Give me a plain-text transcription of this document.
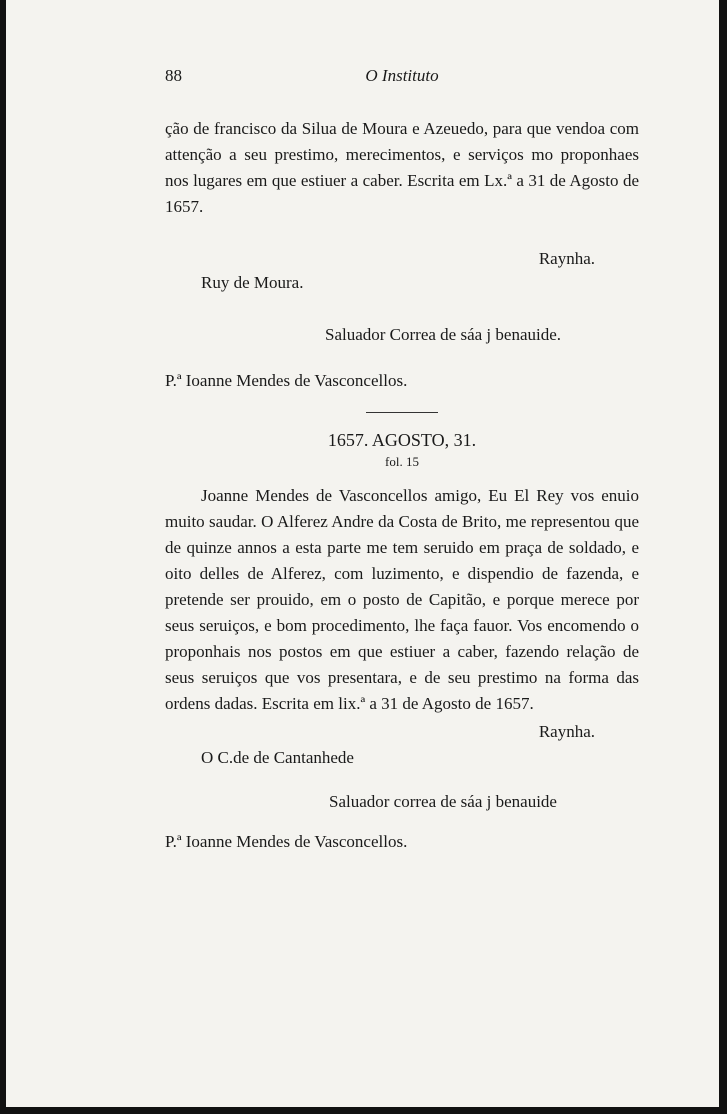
88	O Instituto

ção de francisco da Silua de Moura e Azeuedo, para que vendoa com attenção a seu prestimo, merecimentos, e serviços mo proponhaes nos lugares em que estiuer a caber. Escrita em Lx.ª a 31 de Agosto de 1657.

Raynha.
Ruy de Moura.
Saluador Correa de sáa j benauide.
P.ª Ioanne Mendes de Vasconcellos.
1657. AGOSTO, 31.
fol. 15

Joanne Mendes de Vasconcellos amigo, Eu El Rey vos enuio muito saudar. O Alferez Andre da Costa de Brito, me representou que de quinze annos a esta parte me tem seruido em praça de soldado, e oito delles de Alferez, com luzimento, e dispendio de fazenda, e pretende ser prouido, em o posto de Capitão, e porque merece por seus seruiços, e bom procedimento, lhe faça fauor. Vos encomendo o proponhais nos postos em que estiuer a caber, fazendo relação de seus seruiços que vos presentara, e de seu prestimo na forma das ordens dadas. Escrita em lix.ª a 31 de Agosto de 1657.

Raynha.
O C.de de Cantanhede
Saluador correa de sáa j benauide
P.ª Ioanne Mendes de Vasconcellos.
